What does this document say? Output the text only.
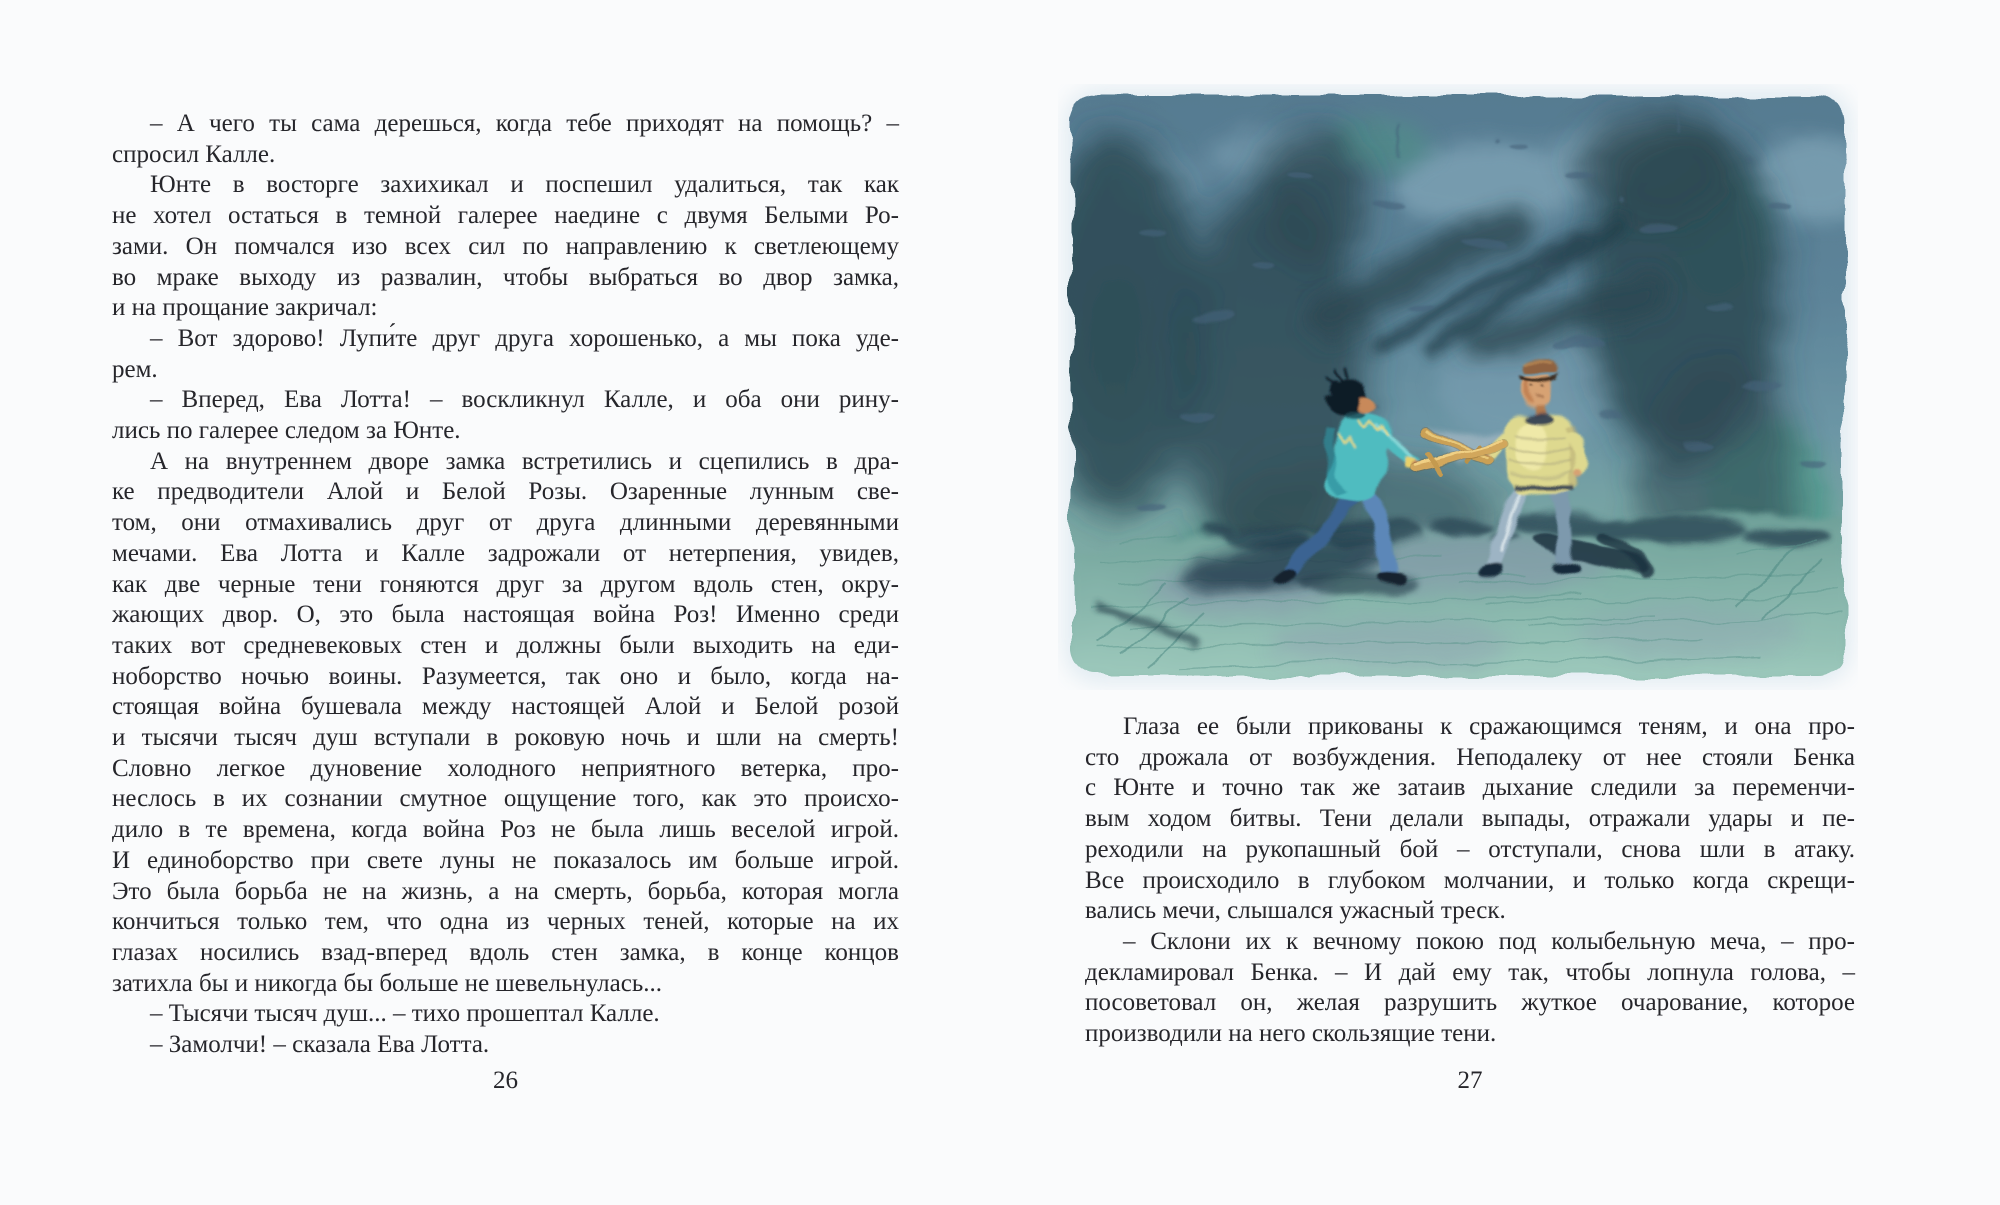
– А чего ты сама дерешься, когда тебе приходят на помощь? –
спросил Калле.
Юнте в восторге захихикал и поспешил удалиться, так как
не хотел остаться в темной галерее наедине с двумя Белыми Ро-
зами. Он помчался изо всех сил по направлению к светлеющему
во мраке выходу из развалин, чтобы выбраться во двор замка,
и на прощание закричал:
– Вот здорово! Лупи́те друг друга хорошенько, а мы пока уде-
рем.
– Вперед, Ева Лотта! – воскликнул Калле, и оба они рину-
лись по галерее следом за Юнте.
А на внутреннем дворе замка встретились и сцепились в дра-
ке предводители Алой и Белой Розы. Озаренные лунным све-
том, они отмахивались друг от друга длинными деревянными
мечами. Ева Лотта и Калле задрожали от нетерпения, увидев,
как две черные тени гоняются друг за другом вдоль стен, окру-
жающих двор. О, это была настоящая война Роз! Именно среди
таких вот средневековых стен и должны были выходить на еди-
ноборство ночью воины. Разумеется, так оно и было, когда на-
стоящая война бушевала между настоящей Алой и Белой розой
и тысячи тысяч душ вступали в роковую ночь и шли на смерть!
Словно легкое дуновение холодного неприятного ветерка, про-
неслось в их сознании смутное ощущение того, как это происхо-
дило в те времена, когда война Роз не была лишь веселой игрой.
И единоборство при свете луны не показалось им больше игрой.
Это была борьба не на жизнь, а на смерть, борьба, которая могла
кончиться только тем, что одна из черных теней, которые на их
глазах носились взад-вперед вдоль стен замка, в конце концов
затихла бы и никогда бы больше не шевельнулась...
– Тысячи тысяч душ... – тихо прошептал Калле.
– Замолчи! – сказала Ева Лотта.
26
Глаза ее были прикованы к сражающимся теням, и она про-
сто дрожала от возбуждения. Неподалеку от нее стояли Бенка
с Юнте и точно так же затаив дыхание следили за переменчи-
вым ходом битвы. Тени делали выпады, отражали удары и пе-
реходили на рукопашный бой – отступали, снова шли в атаку.
Все происходило в глубоком молчании, и только когда скрещи-
вались мечи, слышался ужасный треск.
– Склони их к вечному покою под колыбельную меча, – про-
декламировал Бенка. – И дай ему так, чтобы лопнула голова, –
посоветовал он, желая разрушить жуткое очарование, которое
производили на него скользящие тени.
27
